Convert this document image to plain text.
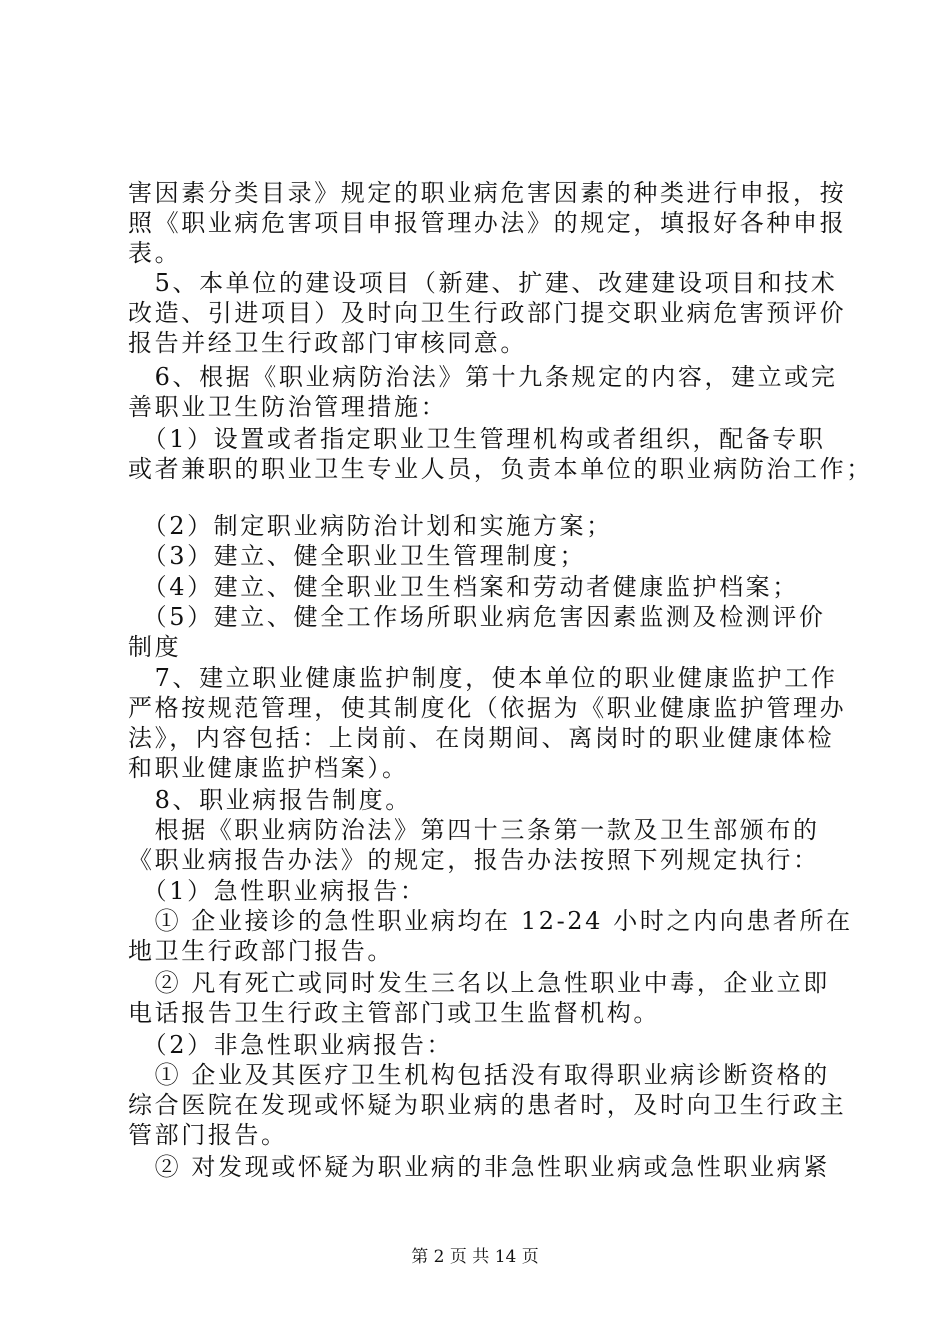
害因素分类目录》规定的职业病危害因素的种类进行申报，按
照《职业病危害项目申报管理办法》的规定，填报好各种申报
表。
　5、本单位的建设项目（新建、扩建、改建建设项目和技术
改造、引进项目）及时向卫生行政部门提交职业病危害预评价
报告并经卫生行政部门审核同意。
　6、根据《职业病防治法》第十九条规定的内容，建立或完
善职业卫生防治管理措施：
　（1）设置或者指定职业卫生管理机构或者组织，配备专职
或者兼职的职业卫生专业人员，负责本单位的职业病防治工作；
　（2）制定职业病防治计划和实施方案；
　（3）建立、健全职业卫生管理制度；
　（4）建立、健全职业卫生档案和劳动者健康监护档案；
　（5）建立、健全工作场所职业病危害因素监测及检测评价
制度
　7、建立职业健康监护制度，使本单位的职业健康监护工作
严格按规范管理，使其制度化（依据为《职业健康监护管理办
法》，内容包括：上岗前、在岗期间、离岗时的职业健康体检
和职业健康监护档案）。
　8、职业病报告制度。
　根据《职业病防治法》第四十三条第一款及卫生部颁布的
《职业病报告办法》的规定，报告办法按照下列规定执行：
　（1）急性职业病报告：
　① 企业接诊的急性职业病均在 12-24 小时之内向患者所在
地卫生行政部门报告。
　② 凡有死亡或同时发生三名以上急性职业中毒，企业立即
电话报告卫生行政主管部门或卫生监督机构。
　（2）非急性职业病报告：
　① 企业及其医疗卫生机构包括没有取得职业病诊断资格的
综合医院在发现或怀疑为职业病的患者时，及时向卫生行政主
管部门报告。
　② 对发现或怀疑为职业病的非急性职业病或急性职业病紧
第 2 页 共 14 页
